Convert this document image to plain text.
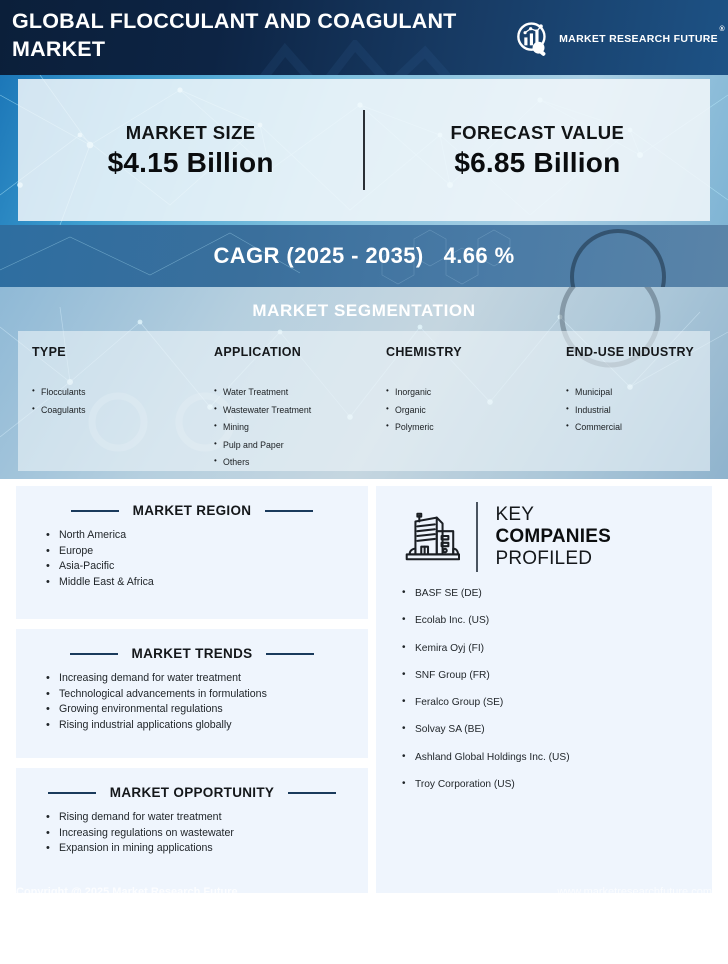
GLOBAL FLOCCULANT AND COAGULANT MARKET	MARKET RESEARCH FUTURE
®
MARKET SIZE
$4.15 Billion
FORECAST VALUE
$6.85 Billion
CAGR (2025 - 2035) 4.66 %
MARKET SEGMENTATION
TYPE
• Flocculants
• Coagulants
APPLICATION
• Water Treatment
• Wastewater Treatment
• Mining
• Pulp and Paper
• Others
CHEMISTRY
• Inorganic
• Organic
• Polymeric
END-USE INDUSTRY
• Municipal
• Industrial
• Commercial
MARKET REGION
• North America
• Europe
• Asia-Pacific
• Middle East & Africa
MARKET TRENDS
• Increasing demand for water treatment
• Technological advancements in formulations
• Growing environmental regulations
• Rising industrial applications globally
MARKET OPPORTUNITY
• Rising demand for water treatment
• Increasing regulations on wastewater
• Expansion in mining applications
KEY
COMPANIES
PROFILED
• BASF SE (DE)
• Ecolab Inc. (US)
• Kemira Oyj (FI)
• SNF Group (FR)
• Feralco Group (SE)
• Solvay SA (BE)
• Ashland Global Holdings Inc. (US)
• Troy Corporation (US)
Copyright @ 2025 Market Research Future	www.marketresearchfuture.com
Copyright @ 2026 Market Research Future	www.marketresearchfuture.com
